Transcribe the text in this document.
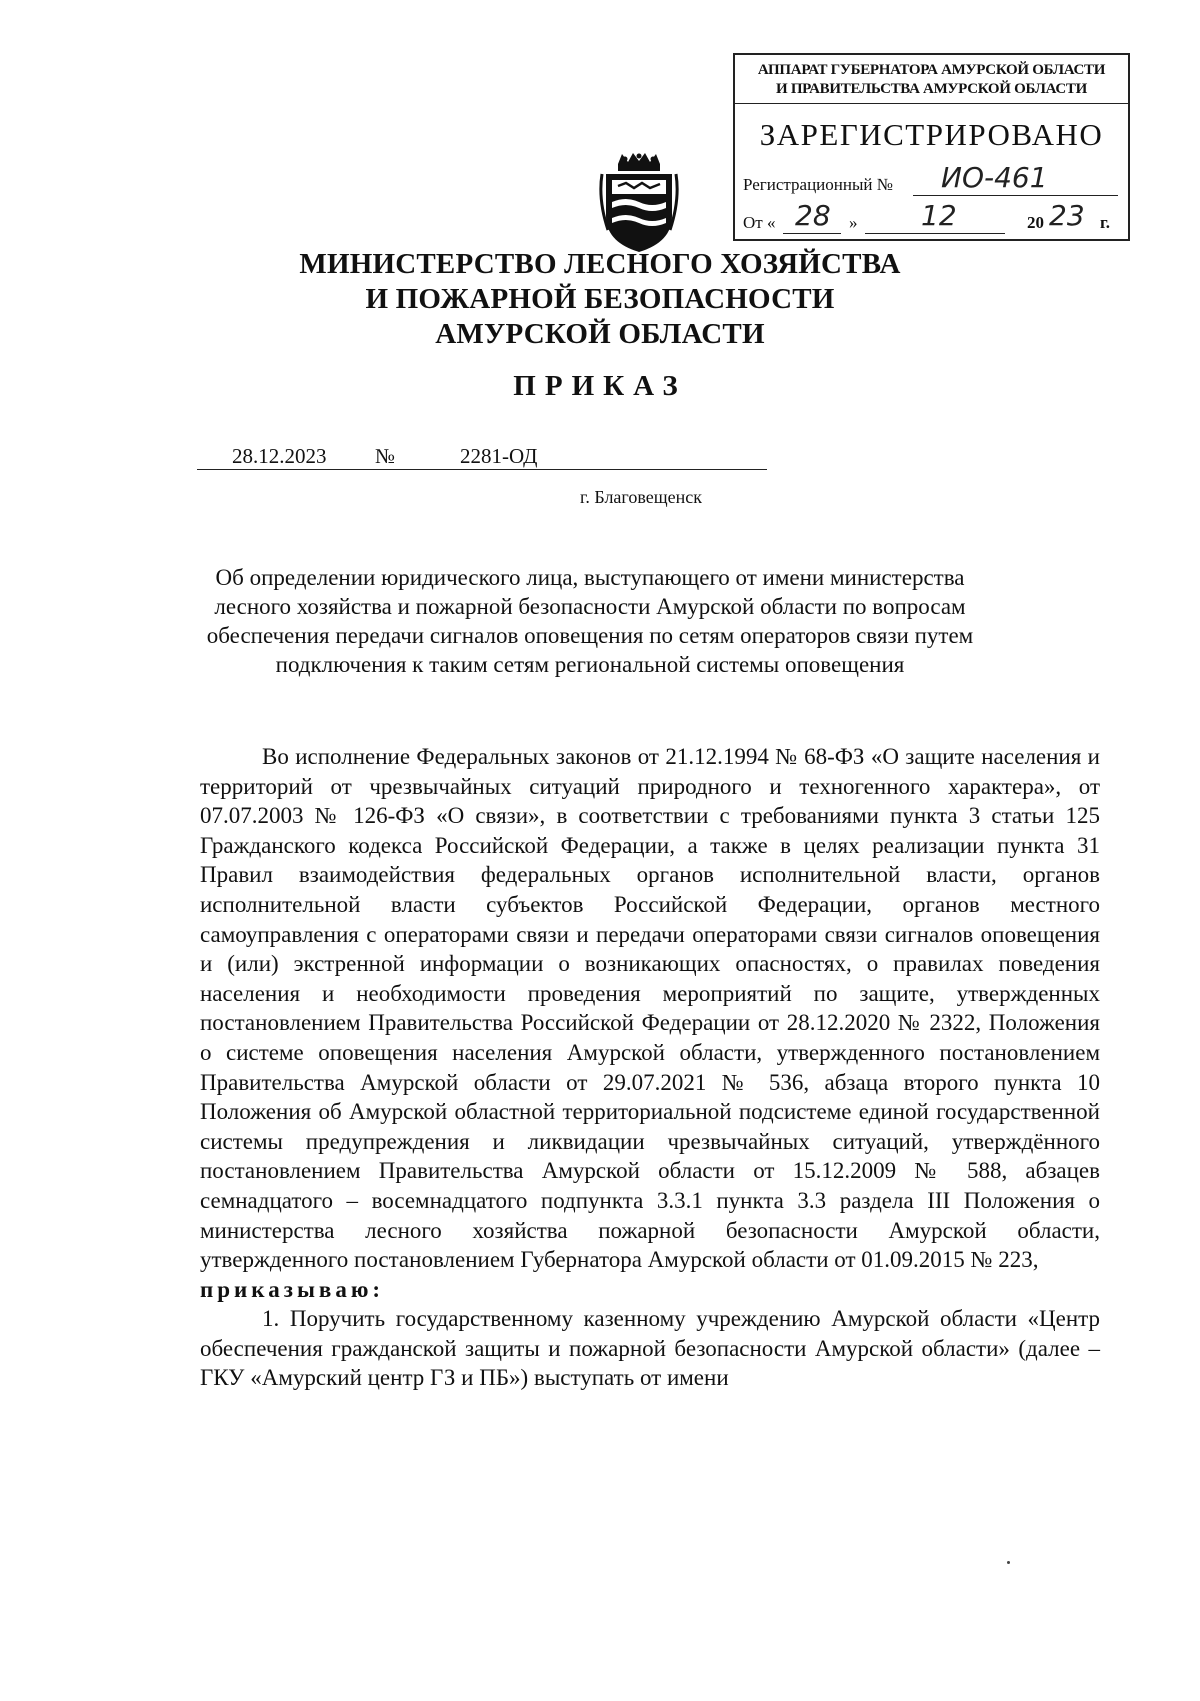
АППАРАТ ГУБЕРНАТОРА АМУРСКОЙ ОБЛАСТИ
И ПРАВИТЕЛЬСТВА АМУРСКОЙ ОБЛАСТИ
ЗАРЕГИСТРИРОВАНО
Регистрационный № ИО-461
От « 28 » 12	20 23 г.
МИНИСТЕРСТВО ЛЕСНОГО ХОЗЯЙСТВА
И ПОЖАРНОЙ БЕЗОПАСНОСТИ
АМУРСКОЙ ОБЛАСТИ
ПРИКАЗ
28.12.2023 №	2281-ОД
г. Благовещенск
Об определении юридического лица, выступающего от имени министерства
лесного хозяйства и пожарной безопасности Амурской области по вопросам
обеспечения передачи сигналов оповещения по сетям операторов связи путем
подключения к таким сетям региональной системы оповещения

Во исполнение Федеральных законов от 21.12.1994 № 68-ФЗ «О защите населения и территорий от чрезвычайных ситуаций природного и техногенного характера», от 07.07.2003 № 126-ФЗ «О связи», в соответствии с требованиями пункта 3 статьи 125 Гражданского кодекса Российской Федерации, а также в целях реализации пункта 31 Правил взаимодействия федеральных органов исполнительной власти, органов исполнительной власти субъектов Российской Федерации, органов местного самоуправления с операторами связи и передачи операторами связи сигналов оповещения и (или) экстренной информации о возникающих опасностях, о правилах поведения населения и необходимости проведения мероприятий по защите, утвержденных постановлением Правительства Российской Федерации от 28.12.2020 № 2322, Положения о системе оповещения населения Амурской области, утвержденного постановлением Правительства Амурской области от 29.07.2021 № 536, абзаца второго пункта 10 Положения об Амурской областной территориальной подсистеме единой государственной системы предупреждения и ликвидации чрезвычайных ситуаций, утверждённого постановлением Правительства Амурской области от 15.12.2009 № 588, абзацев семнадцатого – восемнадцатого подпункта 3.3.1 пункта 3.3 раздела III Положения о министерства лесного хозяйства пожарной безопасности Амурской области, утвержденного постановлением Губернатора Амурской области от 01.09.2015 № 223,

приказываю:

1. Поручить государственному казенному учреждению Амурской области «Центр обеспечения гражданской защиты и пожарной безопасности Амурской области» (далее – ГКУ «Амурский центр ГЗ и ПБ») выступать от имени
